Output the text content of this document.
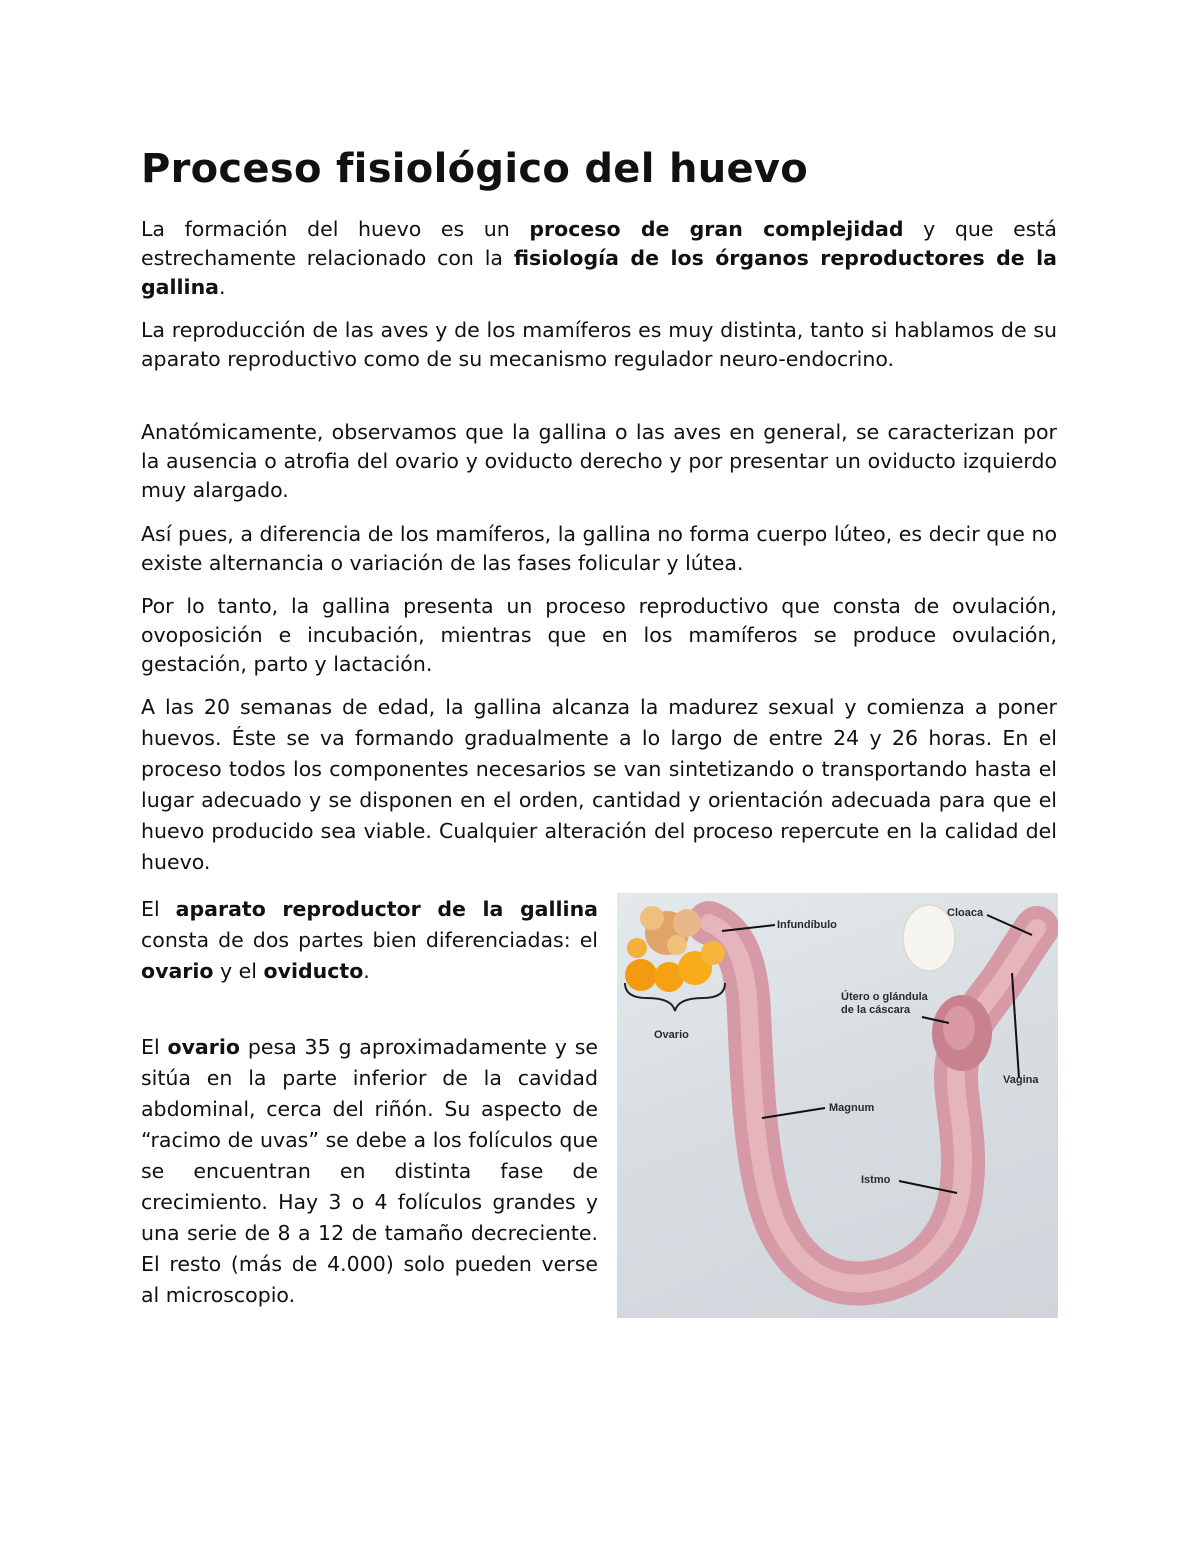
Proceso fisiológico del huevo

La formación del huevo es un proceso de gran complejidad y que está estrechamente relacionado con la fisiología de los órganos reproductores de la gallina.

La reproducción de las aves y de los mamíferos es muy distinta, tanto si hablamos de su aparato reproductivo como de su mecanismo regulador neuro-endocrino.

Anatómicamente, observamos que la gallina o las aves en general, se caracterizan por la ausencia o atrofia del ovario y oviducto derecho y por presentar un oviducto izquierdo muy alargado.

Así pues, a diferencia de los mamíferos, la gallina no forma cuerpo lúteo, es decir que no existe alternancia o variación de las fases folicular y lútea.

Por lo tanto, la gallina presenta un proceso reproductivo que consta de ovulación, ovoposición e incubación, mientras que en los mamíferos se produce ovulación, gestación, parto y lactación.

A las 20 semanas de edad, la gallina alcanza la madurez sexual y comienza a poner huevos. Éste se va formando gradualmente a lo largo de entre 24 y 26 horas. En el proceso todos los componentes necesarios se van sintetizando o transportando hasta el lugar adecuado y se disponen en el orden, cantidad y orientación adecuada para que el huevo producido sea viable. Cualquier alteración del proceso repercute en la calidad del huevo.

El aparato reproductor de la gallina consta de dos partes bien diferenciadas: el ovario y el oviducto.

El ovario pesa 35 g aproximadamente y se sitúa en la parte inferior de la cavidad abdominal, cerca del riñón. Su aspecto de “racimo de uvas” se debe a los folículos que se encuentran en distinta fase de crecimiento. Hay 3 o 4 folículos grandes y una serie de 8 a 12 de tamaño decreciente. El resto (más de 4.000) solo pueden verse al microscopio.

Infundíbulo
Cloaca
Útero o glándula de la cáscara
Ovario
Vagina
Magnum
Istmo
